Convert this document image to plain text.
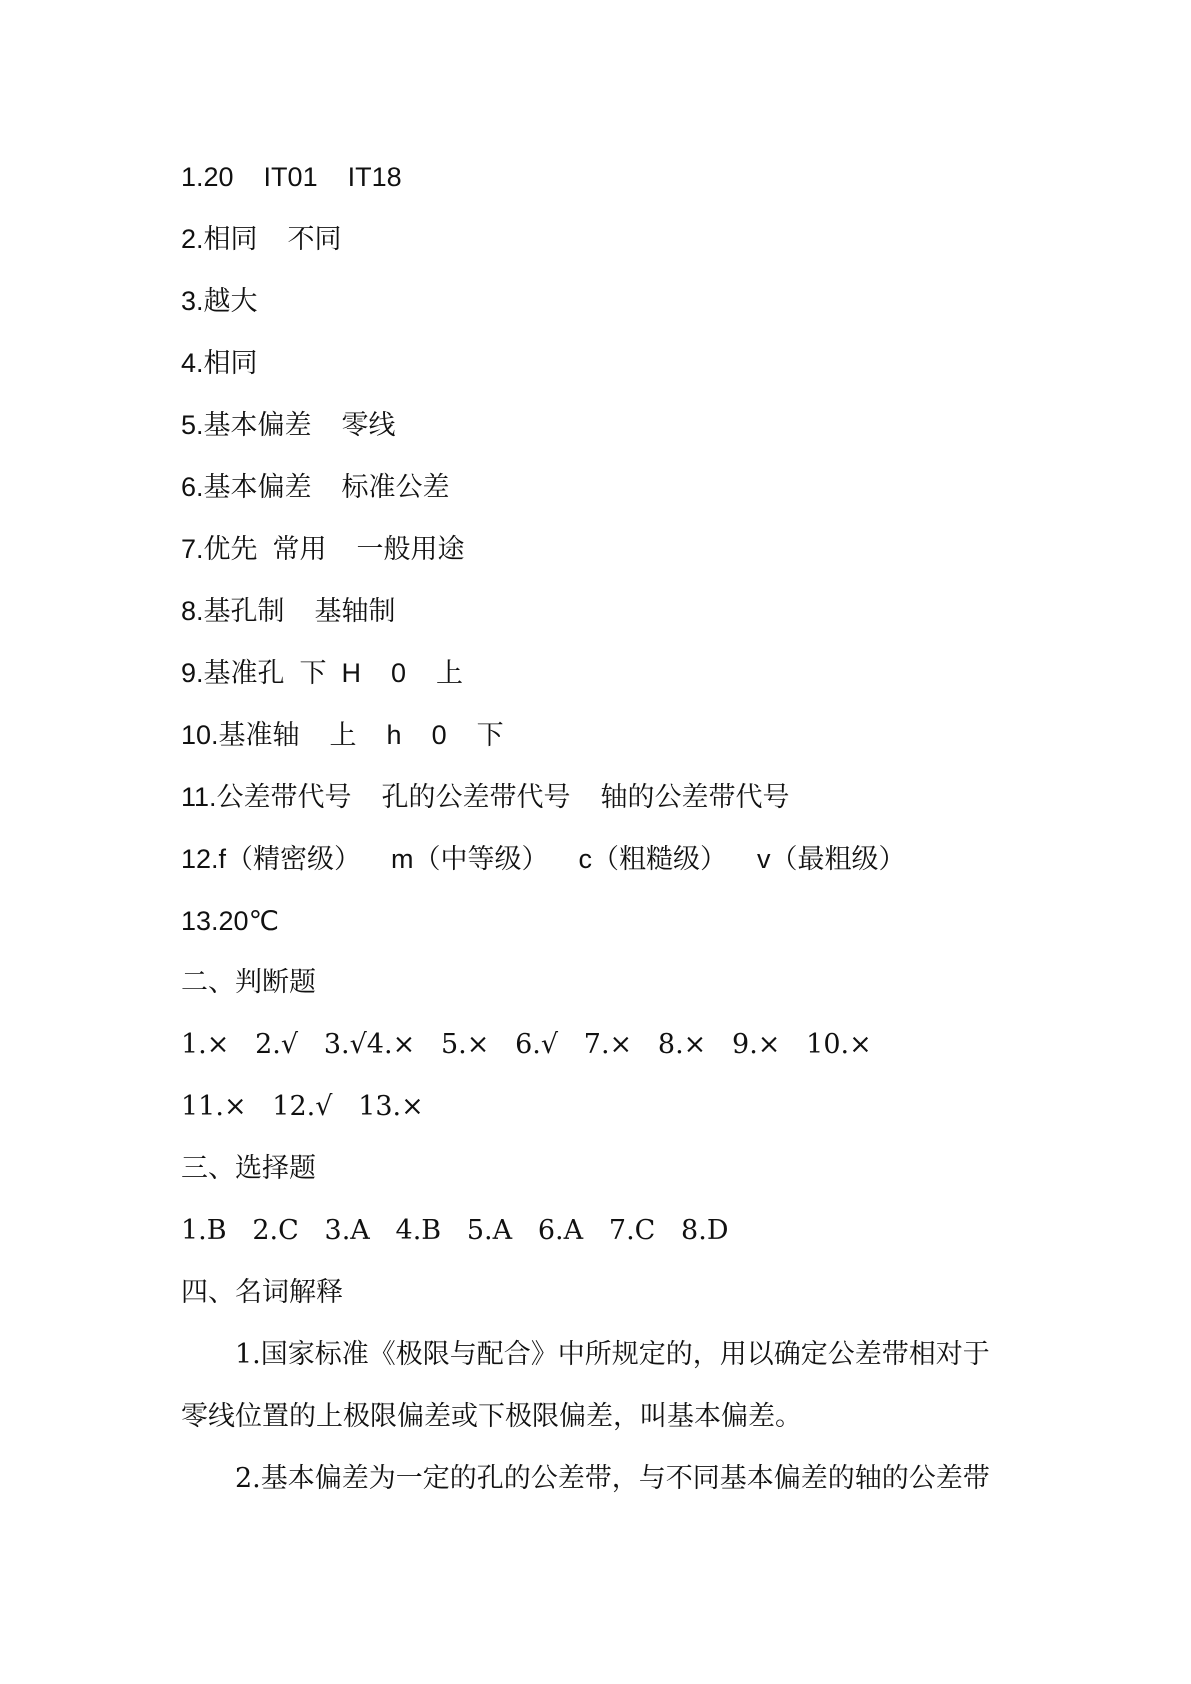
1.20    IT01    IT18
2.相同    不同
3.越大
4.相同
5.基本偏差    零线
6.基本偏差    标准公差
7.优先  常用    一般用途
8.基孔制    基轴制
9.基准孔  下  H    0    上
10.基准轴    上    h    0    下
11.公差带代号    孔的公差带代号    轴的公差带代号
12.f（精密级）    m（中等级）    c（粗糙级）    v（最粗级）
13.20℃
二、判断题
1.×   2.√   3.√4.×   5.×   6.√   7.×   8.×   9.×   10.×
11.×   12.√   13.×
三、选择题
1.B   2.C   3.A   4.B   5.A   6.A   7.C   8.D
四、名词解释
1.国家标准《极限与配合》中所规定的，用以确定公差带相对于
零线位置的上极限偏差或下极限偏差，叫基本偏差。
2.基本偏差为一定的孔的公差带，与不同基本偏差的轴的公差带
